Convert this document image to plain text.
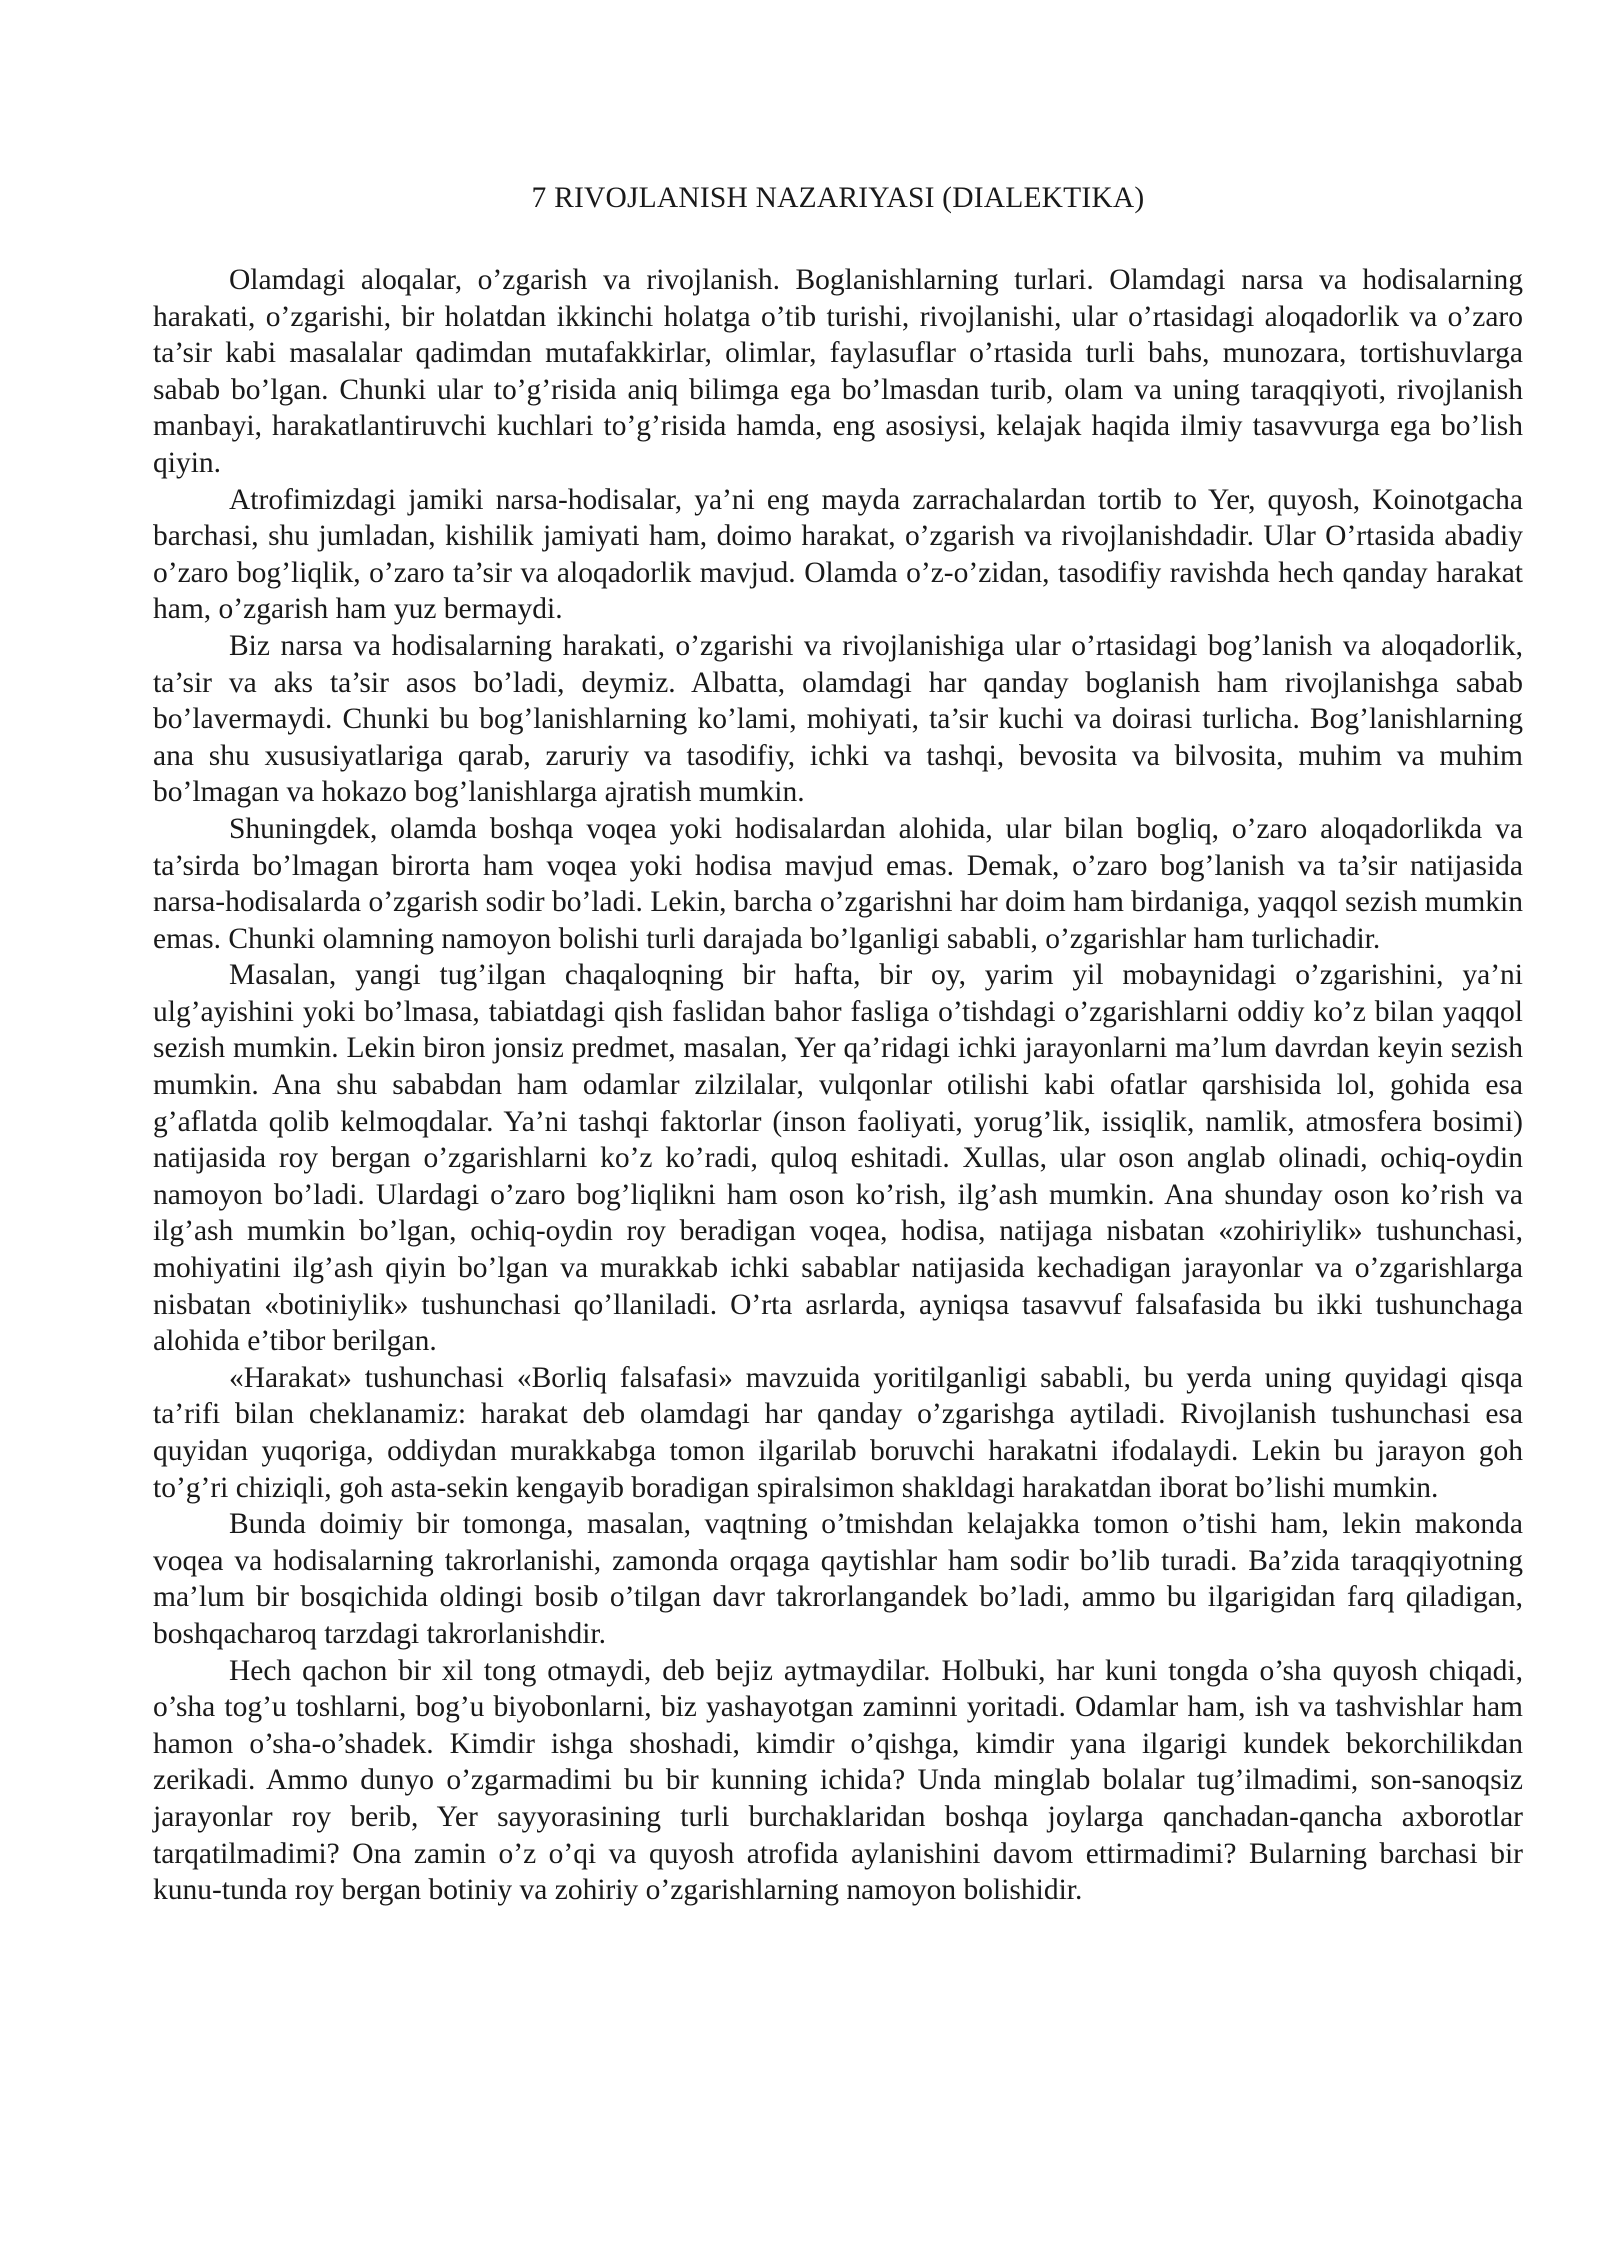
7 RIVOJLANISH NAZARIYASI (DIALEKTIKA)

Olamdagi aloqalar, o’zgarish va rivojlanish. Boglanishlarning turlari. Olamdagi narsa va hodisalarning harakati, o’zgarishi, bir holatdan ikkinchi holatga o’tib turishi, rivojlanishi, ular o’rtasidagi aloqadorlik va o’zaro ta’sir kabi masalalar qadimdan mutafakkirlar, olimlar, faylasuflar o’rtasida turli bahs, munozara, tortishuvlarga sabab bo’lgan. Chunki ular to’g’risida aniq bilimga ega bo’lmasdan turib, olam va uning taraqqiyoti, rivojlanish manbayi, harakatlantiruvchi kuchlari to’g’risida hamda, eng asosiysi, kelajak haqida ilmiy tasavvurga ega bo’lish qiyin.

Atrofimizdagi jamiki narsa-hodisalar, ya’ni eng mayda zarrachalardan tortib to Yer, quyosh, Koinotgacha barchasi, shu jumladan, kishilik jamiyati ham, doimo harakat, o’zgarish va rivojlanishdadir. Ular O’rtasida abadiy o’zaro bog’liqlik, o’zaro ta’sir va aloqadorlik mavjud. Olamda o’z-o’zidan, tasodifiy ravishda hech qanday harakat ham, o’zgarish ham yuz bermaydi.

Biz narsa va hodisalarning harakati, o’zgarishi va rivojlanishiga ular o’rtasidagi bog’lanish va aloqadorlik, ta’sir va aks ta’sir asos bo’ladi, deymiz. Albatta, olamdagi har qanday boglanish ham rivojlanishga sabab bo’lavermaydi. Chunki bu bog’lanishlarning ko’lami, mohiyati, ta’sir kuchi va doirasi turlicha. Bog’lanishlarning ana shu xususiyatlariga qarab, zaruriy va tasodifiy, ichki va tashqi, bevosita va bilvosita, muhim va muhim bo’lmagan va hokazo bog’lanishlarga ajratish mumkin.

Shuningdek, olamda boshqa voqea yoki hodisalardan alohida, ular bilan bogliq, o’zaro aloqadorlikda va ta’sirda bo’lmagan birorta ham voqea yoki hodisa mavjud emas. Demak, o’zaro bog’lanish va ta’sir natijasida narsa-hodisalarda o’zgarish sodir bo’ladi. Lekin, barcha o’zgarishni har doim ham birdaniga, yaqqol sezish mumkin emas. Chunki olamning namoyon bolishi turli darajada bo’lganligi sababli, o’zgarishlar ham turlichadir.

Masalan, yangi tug’ilgan chaqaloqning bir hafta, bir oy, yarim yil mobaynidagi o’zgarishini, ya’ni ulg’ayishini yoki bo’lmasa, tabiatdagi qish faslidan bahor fasliga o’tishdagi o’zgarishlarni oddiy ko’z bilan yaqqol sezish mumkin. Lekin biron jonsiz predmet, masalan, Yer qa’ridagi ichki jarayonlarni ma’lum davrdan keyin sezish mumkin. Ana shu sababdan ham odamlar zilzilalar, vulqonlar otilishi kabi ofatlar qarshisida lol, gohida esa g’aflatda qolib kelmoqdalar. Ya’ni tashqi faktorlar (inson faoliyati, yorug’lik, issiqlik, namlik, atmosfera bosimi) natijasida roy bergan o’zgarishlarni ko’z ko’radi, quloq eshitadi. Xullas, ular oson anglab olinadi, ochiq-oydin namoyon bo’ladi. Ulardagi o’zaro bog’liqlikni ham oson ko’rish, ilg’ash mumkin. Ana shunday oson ko’rish va ilg’ash mumkin bo’lgan, ochiq-oydin roy beradigan voqea, hodisa, natijaga nisbatan «zohiriylik» tushunchasi, mohiyatini ilg’ash qiyin bo’lgan va murakkab ichki sabablar natijasida kechadigan jarayonlar va o’zgarishlarga nisbatan «botiniylik» tushunchasi qo’llaniladi. O’rta asrlarda, ayniqsa tasavvuf falsafasida bu ikki tushunchaga alohida e’tibor berilgan.

«Harakat» tushunchasi «Borliq falsafasi» mavzuida yoritilganligi sababli, bu yerda uning quyidagi qisqa ta’rifi bilan cheklanamiz: harakat deb olamdagi har qanday o’zgarishga aytiladi. Rivojlanish tushunchasi esa quyidan yuqoriga, oddiydan murakkabga tomon ilgarilab boruvchi harakatni ifodalaydi. Lekin bu jarayon goh to’g’ri chiziqli, goh asta-sekin kengayib boradigan spiralsimon shakldagi harakatdan iborat bo’lishi mumkin.

Bunda doimiy bir tomonga, masalan, vaqtning o’tmishdan kelajakka tomon o’tishi ham, lekin makonda voqea va hodisalarning takrorlanishi, zamonda orqaga qaytishlar ham sodir bo’lib turadi. Ba’zida taraqqiyotning ma’lum bir bosqichida oldingi bosib o’tilgan davr takrorlangandek bo’ladi, ammo bu ilgarigidan farq qiladigan, boshqacharoq tarzdagi takrorlanishdir.

Hech qachon bir xil tong otmaydi, deb bejiz aytmaydilar. Holbuki, har kuni tongda o’sha quyosh chiqadi, o’sha tog’u toshlarni, bog’u biyobonlarni, biz yashayotgan zaminni yoritadi. Odamlar ham, ish va tashvishlar ham hamon o’sha-o’shadek. Kimdir ishga shoshadi, kimdir o’qishga, kimdir yana ilgarigi kundek bekorchilikdan zerikadi. Ammo dunyo o’zgarmadimi bu bir kunning ichida? Unda minglab bolalar tug’ilmadimi, son-sanoqsiz jarayonlar roy berib, Yer sayyorasining turli burchaklaridan boshqa joylarga qanchadan-qancha axborotlar tarqatilmadimi? Ona zamin o’z o’qi va quyosh atrofida aylanishini davom ettirmadimi? Bularning barchasi bir kunu-tunda roy bergan botiniy va zohiriy o’zgarishlarning namoyon bolishidir.
